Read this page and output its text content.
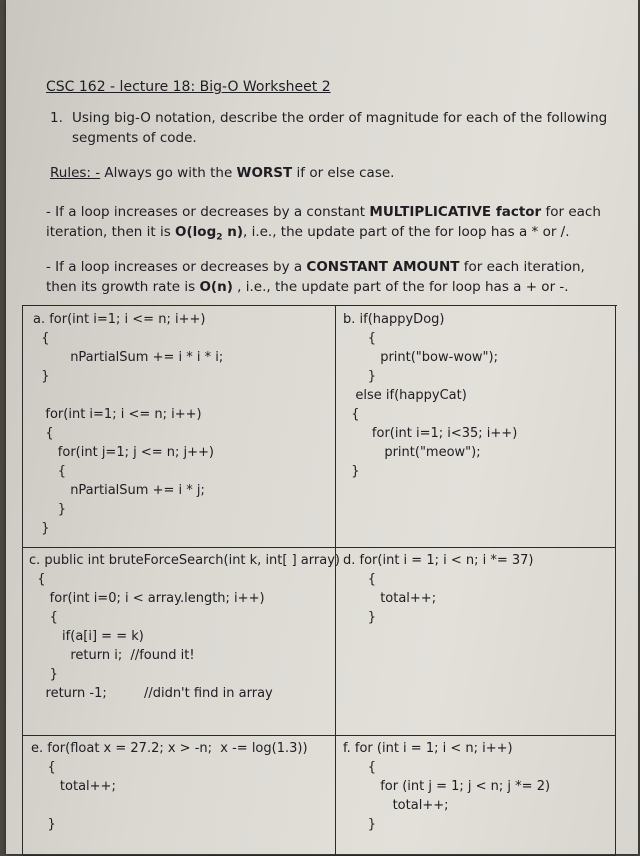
CSC 162 - lecture 18: Big-O Worksheet 2
1. Using big-O notation, describe the order of magnitude for each of the following segments of code.
Rules: - Always go with the WORST if or else case.
- If a loop increases or decreases by a constant MULTIPLICATIVE factor for each iteration, then it is $O(\log_2$ n), i.e., the update part of the for loop has a * or /.
- If a loop increases or decreases by a CONSTANT AMOUNT for each iteration, then its growth rate is O(n) , i.e., the update part of the for loop has a + or -.
a. for(int i=1; i <= n; i++)
{
nPartialSum += i * i * i;
}

for(int i=1; i <= n; i++)
{
for(int j=1; j <= n; j++)
{
nPartialSum += i * j;
}
}
b. if(happyDog)
{
print("bow-wow");
}
else if(happyCat)
{
for(int i=1; i<35; i++)
print("meow");
}
c. public int bruteForceSearch(int k, int[ ] array)
{
for(int i=0; i < array.length; i++)
{
if(a[i] = = k)
return i;  //found it!
}
return -1;         //didn't find in array
d. for(int i = 1; i < n; i *= 37)
{
total++;
}
e. for(float x = 27.2; x > -n;  x -= log(1.3))
{
total++;

}
f. for (int i = 1; i < n; i++)
{
for (int j = 1; j < n; j *= 2)
total++;
}
